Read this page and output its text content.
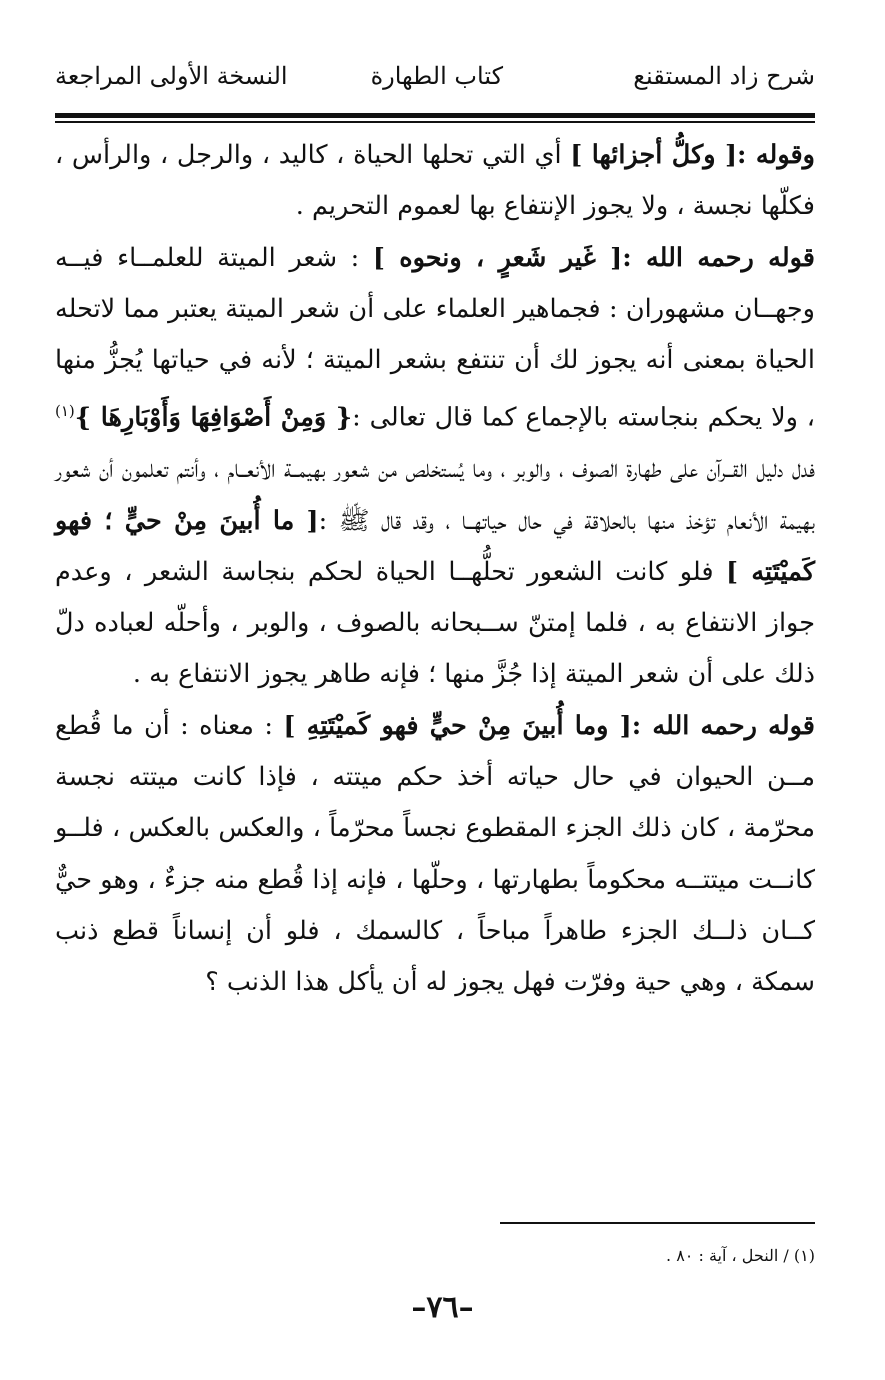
شرح زاد المستقنع
كتاب الطهارة
النسخة الأولى المراجعة

وقوله :[ وكلُّ أجزائها ] أي التي تحلها الحياة ، كاليد ، والرجل ، والرأس ، فكلّها نجسة ، ولا يجوز الإنتفاع بها لعموم التحريم .

قوله رحمه الله :[ غَير شَعرٍ ، ونحوه ] : شعر الميتة للعلمــاء فيــه وجهــان مشهوران : فجماهير العلماء على أن شعر الميتة يعتبر مما لاتحله الحياة بمعنى أنه يجوز لك أن تنتفع بشعر الميتة ؛ لأنه في حياتها يُجزُّ منها ، ولا يحكم بنجاسته بالإجماع كما قال تعالى :{ وَمِنْ أَصْوَافِهَا وَأَوْبَارِهَا }$^{(١)}$ فدل دليل القــرآن على طهارة الصوف ، والوبر ، وما يُستخلص من شعور بهيمــة الأنعــام ، وأنتم تعلمون أن شعور بهيمة الأنعام تؤخذ منها بالحلاقة في حال حياتهــا ، وقد قال ﷺ :[ ما أُبينَ مِنْ حيٍّ ؛ فهو كَميْتَتِه ] فلو كانت الشعور تحلُّهــا الحياة لحكم بنجاسة الشعر ، وعدم جواز الانتفاع به ، فلما إمتنّ ســبحانه بالصوف ، والوبر ، وأحلّه لعباده دلّ ذلك على أن شعر الميتة إذا جُزَّ منها ؛ فإنه طاهر يجوز الانتفاع به .

قوله رحمه الله :[ وما أُبينَ مِنْ حيٍّ فهو كَميْتَتِهِ ] : معناه : أن ما قُطع مــن الحيوان في حال حياته أخذ حكم ميتته ، فإذا كانت ميتته نجسة محرّمة ، كان ذلك الجزء المقطوع نجساً محرّماً ، والعكس بالعكس ، فلــو كانــت ميتتــه محكوماً بطهارتها ، وحلّها ، فإنه إذا قُطع منه جزءٌ ، وهو حيٌّ كــان ذلــك الجزء طاهراً مباحاً ، كالسمك ، فلو أن إنساناً قطع ذنب سمكة ، وهي حية وفرّت فهل يجوز له أن يأكل هذا الذنب ؟

(١) / النحل ، آية : ٨٠ .
–٧٦–
